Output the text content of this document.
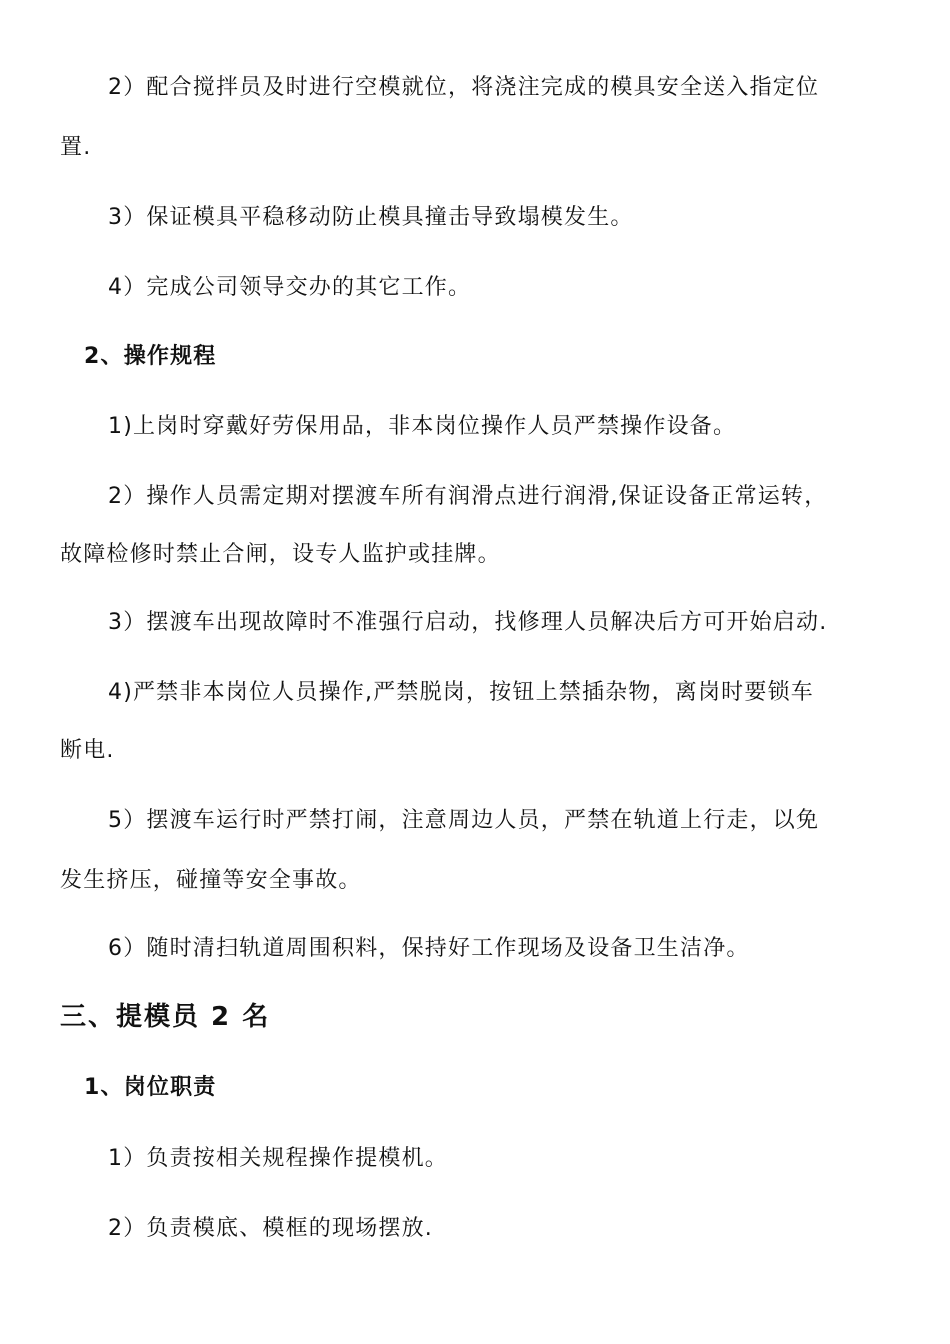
2）配合搅拌员及时进行空模就位，将浇注完成的模具安全送入指定位
置.
3）保证模具平稳移动防止模具撞击导致塌模发生。
4）完成公司领导交办的其它工作。
2、操作规程
1)上岗时穿戴好劳保用品，非本岗位操作人员严禁操作设备。
2）操作人员需定期对摆渡车所有润滑点进行润滑,保证设备正常运转，
故障检修时禁止合闸，设专人监护或挂牌。
3）摆渡车出现故障时不准强行启动，找修理人员解决后方可开始启动.
4)严禁非本岗位人员操作,严禁脱岗，按钮上禁插杂物，离岗时要锁车
断电.
5）摆渡车运行时严禁打闹，注意周边人员，严禁在轨道上行走，以免
发生挤压，碰撞等安全事故。
6）随时清扫轨道周围积料，保持好工作现场及设备卫生洁净。
三、提模员 2 名
1、岗位职责
1）负责按相关规程操作提模机。
2）负责模底、模框的现场摆放.
